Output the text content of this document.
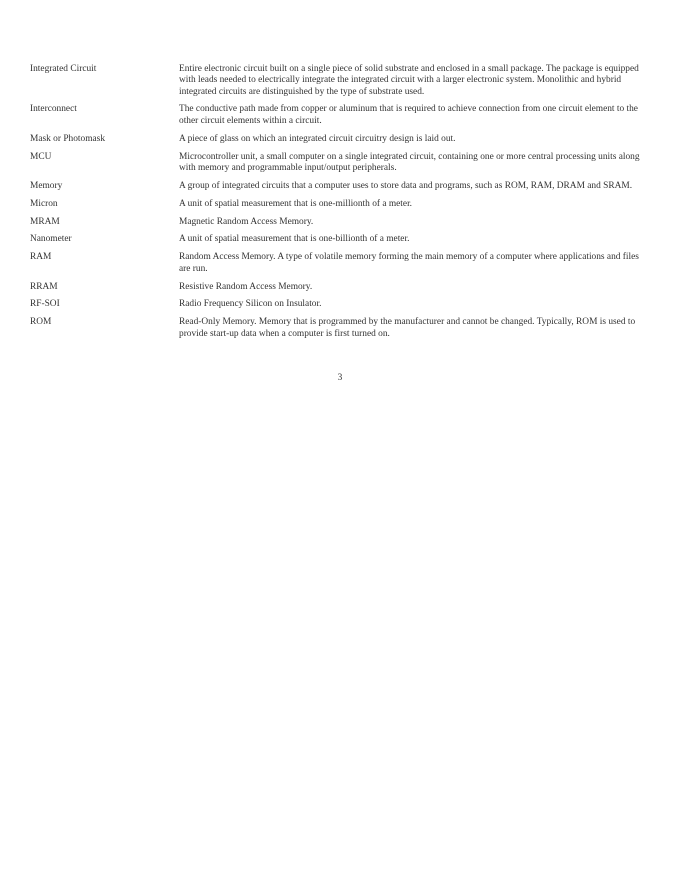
Integrated Circuit	Entire electronic circuit built on a single piece of solid substrate and enclosed in a small package. The package is equipped with leads needed to electrically integrate the integrated circuit with a larger electronic system. Monolithic and hybrid integrated circuits are distinguished by the type of substrate used.
Interconnect	The conductive path made from copper or aluminum that is required to achieve connection from one circuit element to the other circuit elements within a circuit.
Mask or Photomask	A piece of glass on which an integrated circuit circuitry design is laid out.
MCU	Microcontroller unit, a small computer on a single integrated circuit, containing one or more central processing units along with memory and programmable input/output peripherals.
Memory	A group of integrated circuits that a computer uses to store data and programs, such as ROM, RAM, DRAM and SRAM.
Micron	A unit of spatial measurement that is one-millionth of a meter.
MRAM	Magnetic Random Access Memory.
Nanometer	A unit of spatial measurement that is one-billionth of a meter.
RAM	Random Access Memory. A type of volatile memory forming the main memory of a computer where applications and files are run.
RRAM	Resistive Random Access Memory.
RF-SOI	Radio Frequency Silicon on Insulator.
ROM	Read-Only Memory. Memory that is programmed by the manufacturer and cannot be changed. Typically, ROM is used to provide start-up data when a computer is first turned on.
3
